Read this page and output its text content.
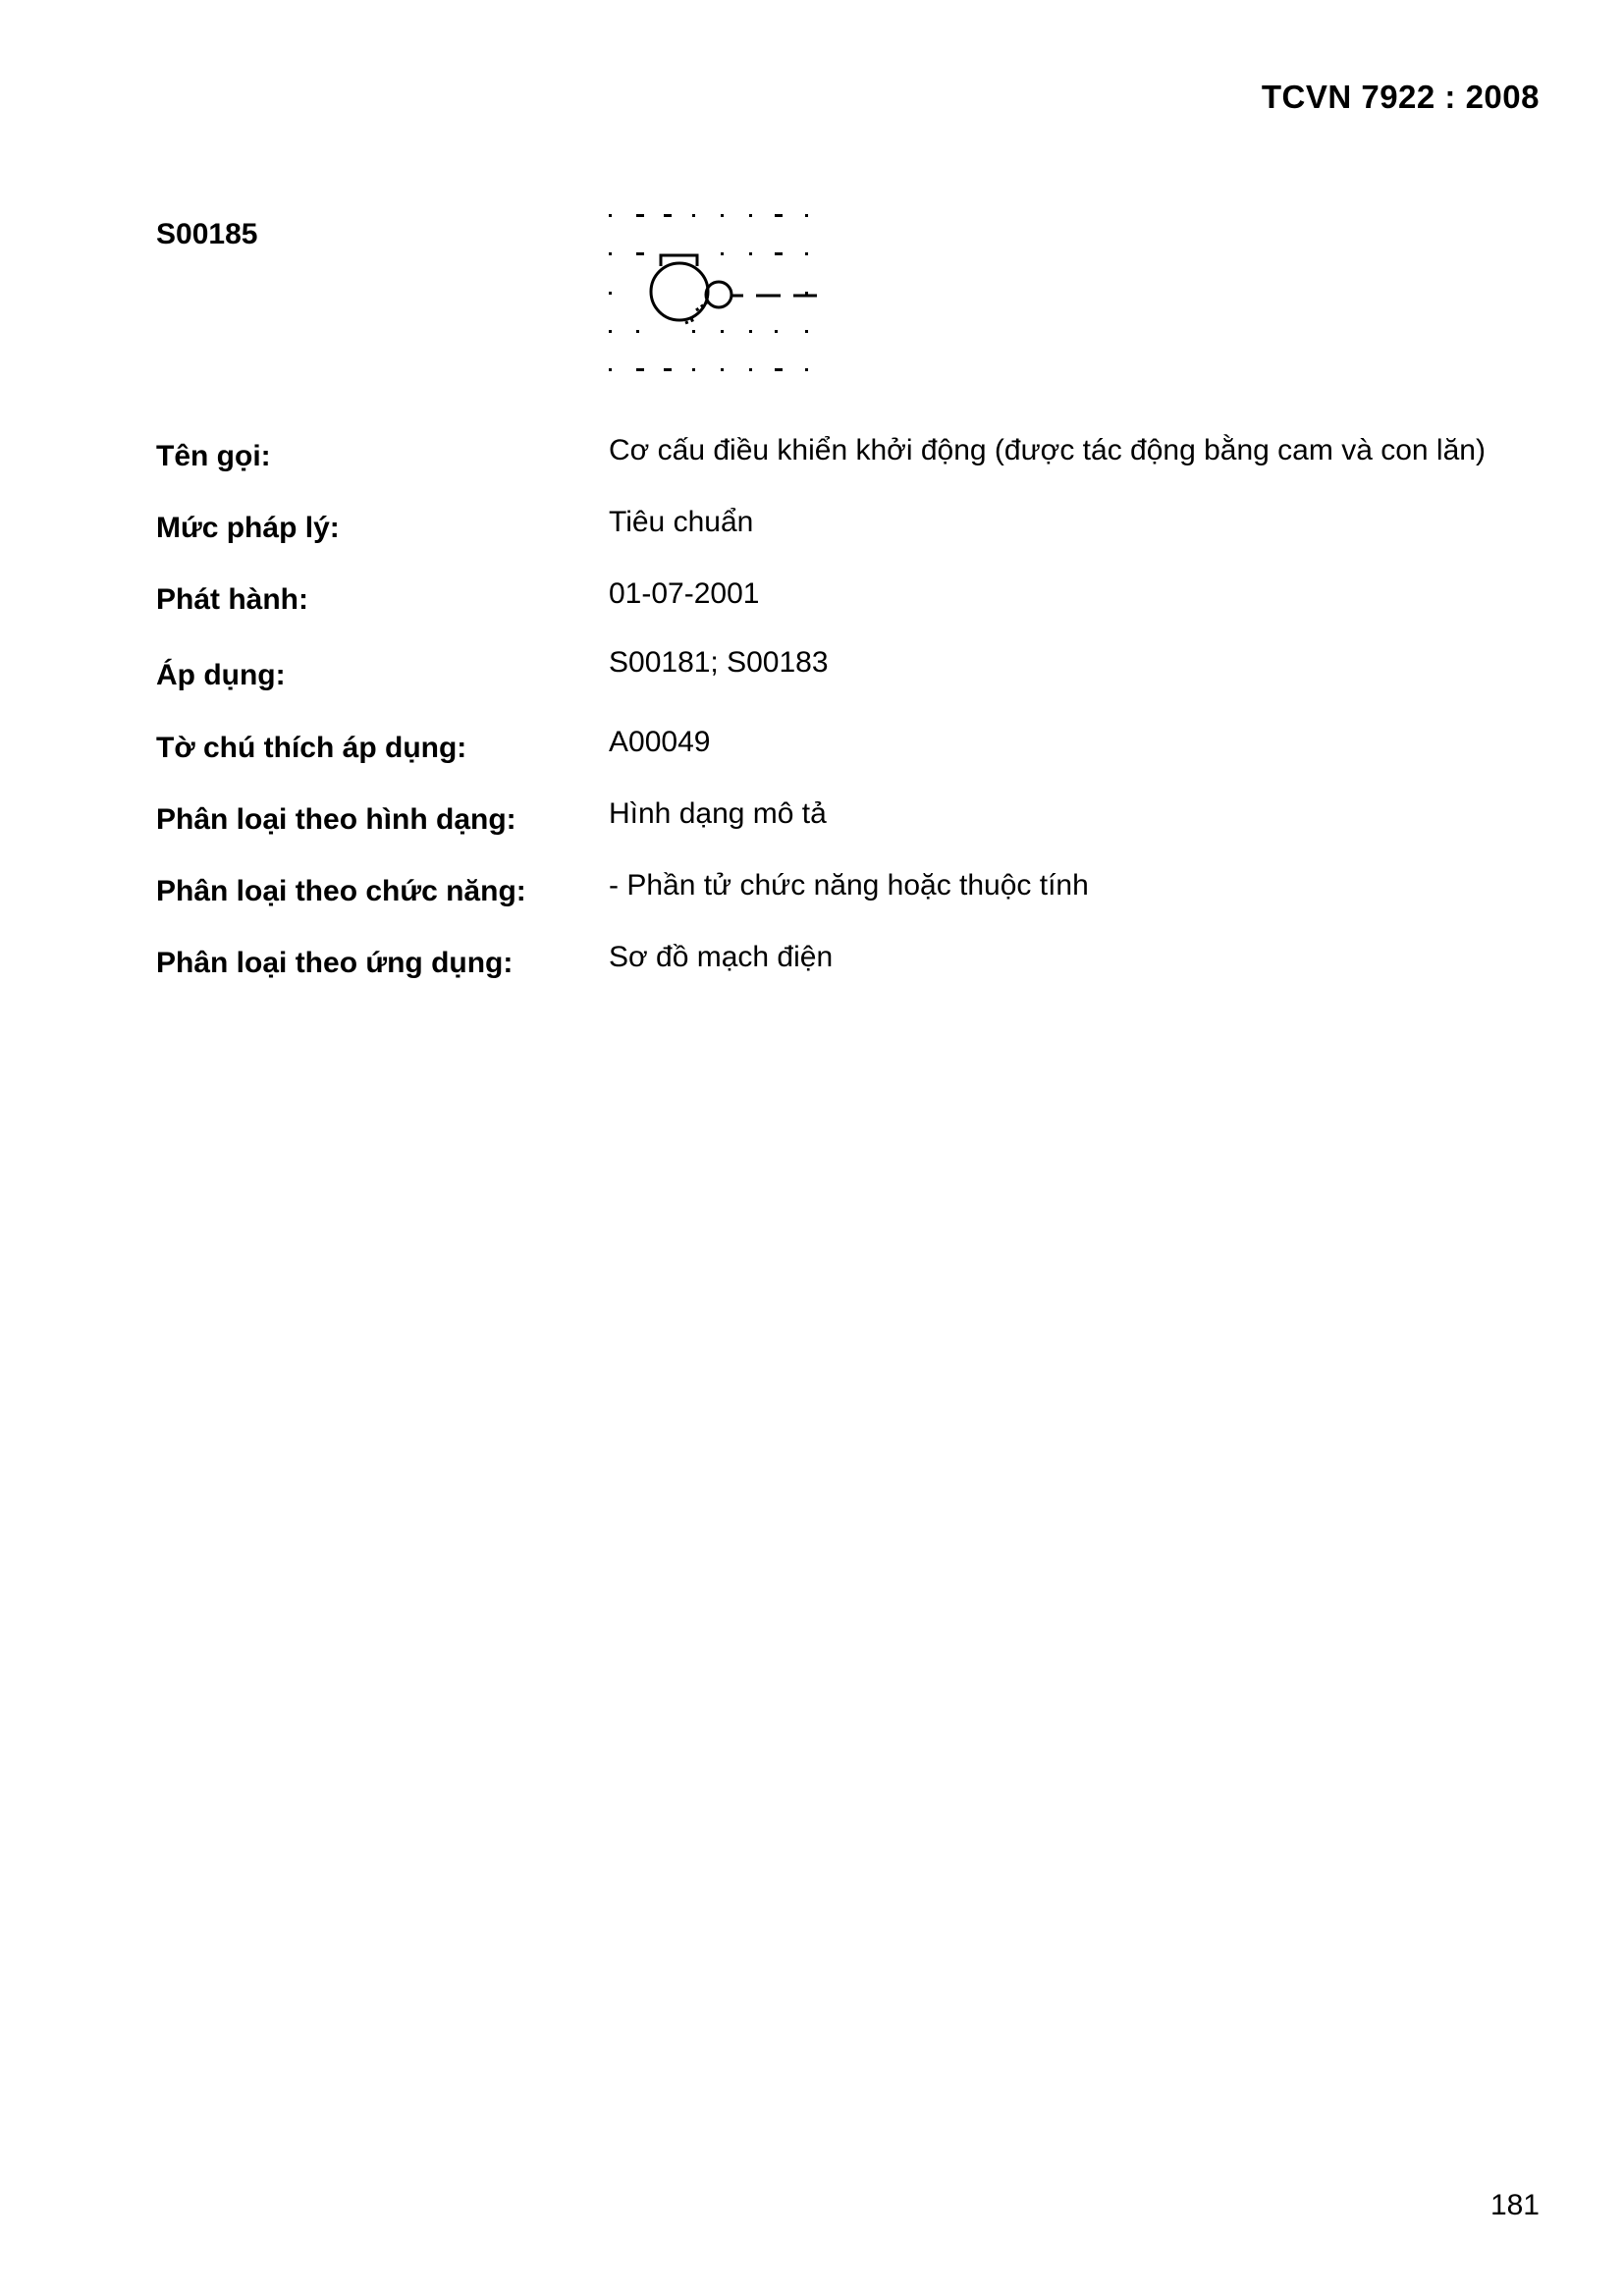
TCVN 7922 : 2008
S00185
Tên gọi:	Cơ cấu điều khiển khởi động (được tác động bằng cam và con lăn)
Mức pháp lý:	Tiêu chuẩn
Phát hành:	01-07-2001
Áp dụng:	S00181; S00183
Tờ chú thích áp dụng:	A00049
Phân loại theo hình dạng:	Hình dạng mô tả
Phân loại theo chức năng:	- Phần tử chức năng hoặc thuộc tính
Phân loại theo ứng dụng:	Sơ đồ mạch điện
181
